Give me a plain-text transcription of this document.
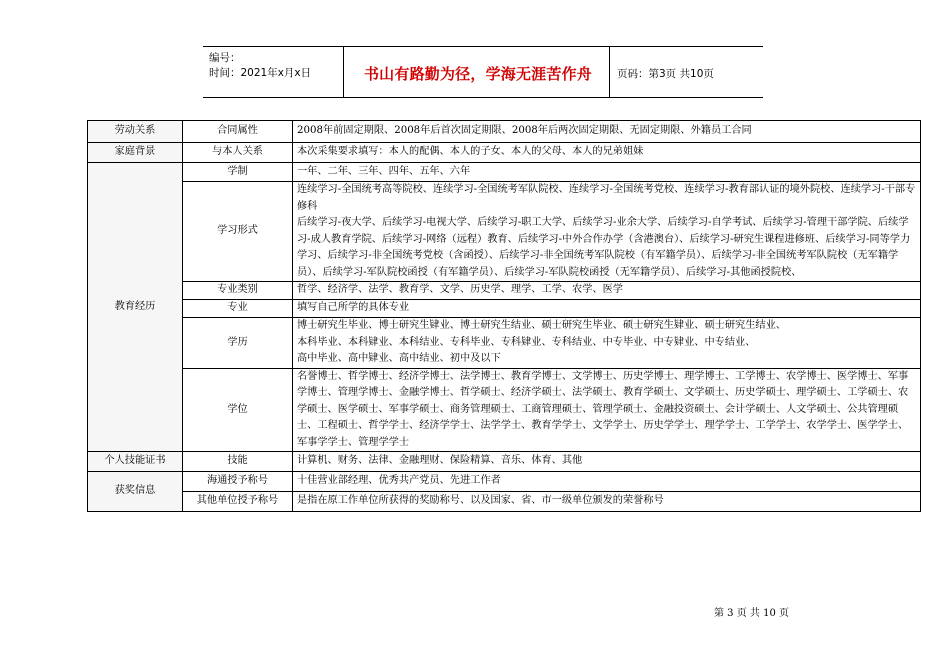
编号：
时间：2021年x月x日	书山有路勤为径，学海无涯苦作舟	页码：第3页 共10页
劳动关系	合同属性	2008年前固定期限、2008年后首次固定期限、2008年后两次固定期限、无固定期限、外籍员工合同
家庭背景	与本人关系	本次采集要求填写：本人的配偶、本人的子女、本人的父母、本人的兄弟姐妹
教育经历	学制	一年、二年、三年、四年、五年、六年
	学习形式	连续学习-全国统考高等院校、连续学习-全国统考军队院校、连续学习-全国统考党校、连续学习-教育部认证的境外院校、连续学习-干部专修科
后续学习-夜大学、后续学习-电视大学、后续学习-职工大学、后续学习-业余大学、后续学习-自学考试、后续学习-管理干部学院、后续学习-成人教育学院、后续学习-网络（远程）教育、后续学习-中外合作办学（含港澳台）、后续学习-研究生课程进修班、后续学习-同等学力学习、后续学习-非全国统考党校（含函授）、后续学习-非全国统考军队院校（有军籍学员）、后续学习-非全国统考军队院校（无军籍学员）、后续学习-军队院校函授（有军籍学员）、后续学习-军队院校函授（无军籍学员）、后续学习-其他函授院校、

	专业类别	哲学、经济学、法学、教育学、文学、历史学、理学、工学、农学、医学
	专业	填写自己所学的具体专业
	学历	博士研究生毕业、博士研究生肄业、博士研究生结业、硕士研究生毕业、硕士研究生肄业、硕士研究生结业、
本科毕业、本科肄业、本科结业、专科毕业、专科肄业、专科结业、中专毕业、中专肄业、中专结业、
高中毕业、高中肄业、高中结业、初中及以下

	学位	名誉博士、哲学博士、经济学博士、法学博士、教育学博士、文学博士、历史学博士、理学博士、工学博士、农学博士、医学博士、军事学博士、管理学博士、金融学博士、哲学硕士、经济学硕士、法学硕士、教育学硕士、文学硕士、历史学硕士、理学硕士、工学硕士、农学硕士、医学硕士、军事学硕士、商务管理硕士、工商管理硕士、管理学硕士、金融投资硕士、会计学硕士、人文学硕士、公共管理硕士、工程硕士、哲学学士、经济学学士、法学学士、教育学学士、文学学士、历史学学士、理学学士、工学学士、农学学士、医学学士、军事学学士、管理学学士
个人技能证书	技能	计算机、财务、法律、金融理财、保险精算、音乐、体育、其他
获奖信息	海通授予称号	十佳营业部经理、优秀共产党员、先进工作者
	其他单位授予称号	是指在原工作单位所获得的奖励称号、以及国家、省、市一级单位颁发的荣誉称号
第 3 页 共 10 页
